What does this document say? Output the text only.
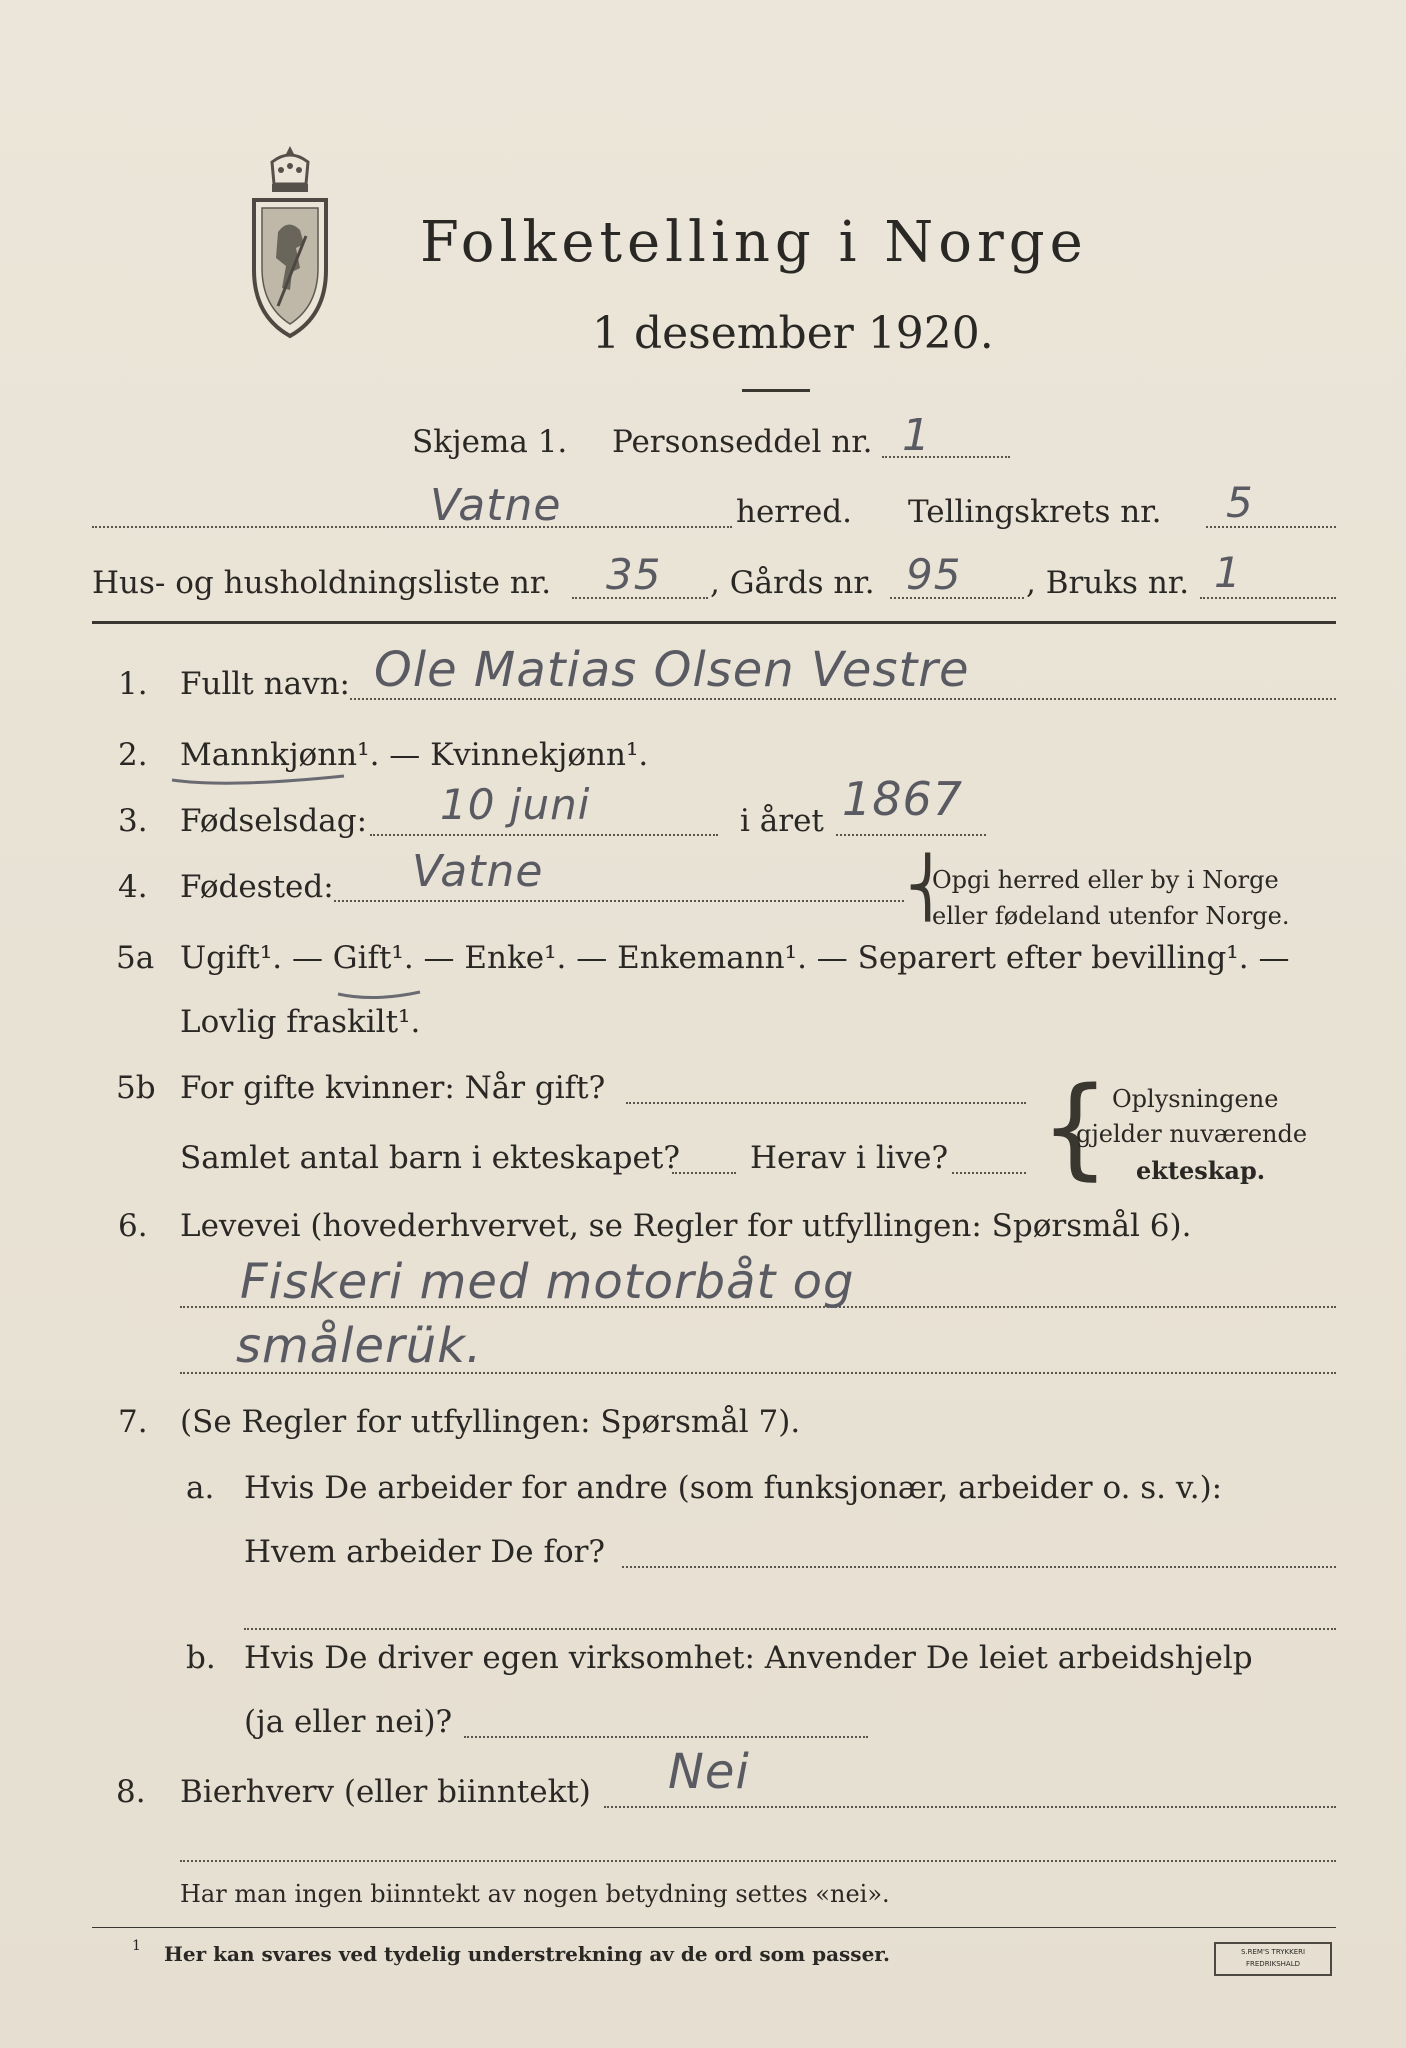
Folketelling i Norge
1 desember 1920.
Skjema 1. Personseddel nr. 1
Vatne	herred. Tellingskrets nr. 5
Hus- og husholdningsliste nr. 35 , Gårds nr. 95 , Bruks nr. 1
1. Fullt navn: Ole Matias Olsen Vestre
2. Mannkjønn¹. — Kvinnekjønn¹.
3. Fødselsdag: 10 juni	i året 1867
4. Fødested: Vatne	⎨
Opgi herred eller by i Norge
eller fødeland utenfor Norge.
5a Ugift¹. — Gift¹. — Enke¹. — Enkemann¹. — Separert efter bevilling¹. —
Lovlig fraskilt¹.
5b For gifte kvinner: Når gift?
Samlet antal barn i ekteskapet? Herav i live? { Oplysningene
gjelder nuværende
ekteskap.
6. Levevei (hovederhvervet, se Regler for utfyllingen: Spørsmål 6).
Fiskeri med motorbåt og
smålerük.
7. (Se Regler for utfyllingen: Spørsmål 7).
a. Hvis De arbeider for andre (som funksjonær, arbeider o. s. v.):
Hvem arbeider De for?
b. Hvis De driver egen virksomhet: Anvender De leiet arbeidshjelp
(ja eller nei)?
8. Bierhverv (eller biinntekt) Nei
Har man ingen biinntekt av nogen betydning settes «nei».
1 Her kan svares ved tydelig understrekning av de ord som passer.	S.REM'S TRYKKERI
FREDRIKSHALD
